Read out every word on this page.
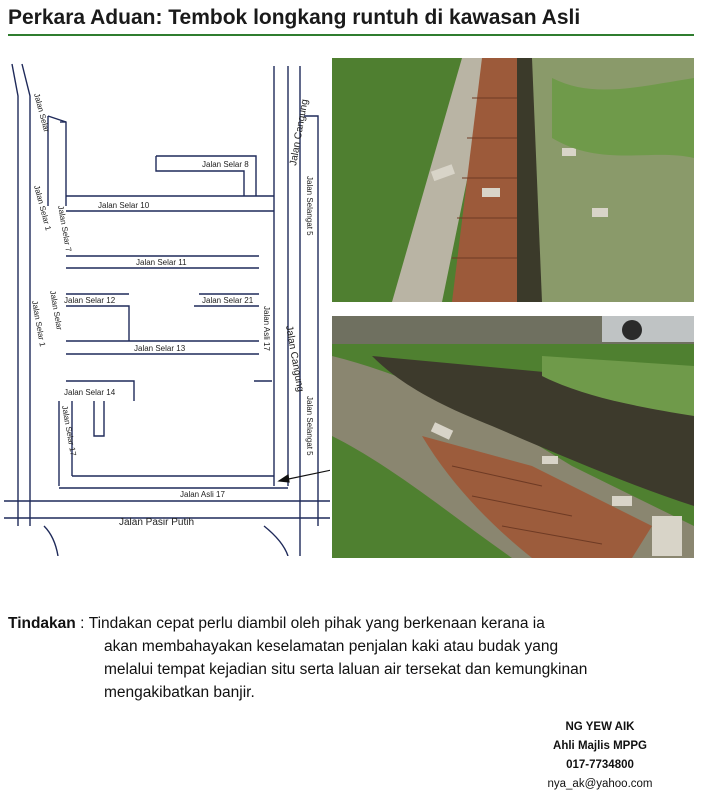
Perkara Aduan: Tembok longkang runtuh di kawasan Asli
Jalan Selar
Jalan Selar 1
Jalan Selar
Jalan Selar 1
Jalan Selar 7
Jalan Selar 17
Jalan Selar 8
Jalan Selar 10
Jalan Selar 11
Jalan Selar 12	Jalan Selar 21
Jalan Selar 13
Jalan Selar 14
Jalan Asli 17
Jalan Asli 17
Jalan Cangung
Jalan Cangung
Jalan Selangat 5
Jalan Selangat 5
Jalan Pasir Putih
Tindakan : Tindakan cepat perlu diambil oleh pihak yang berkenaan kerana ia

akan membahayakan keselamatan penjalan kaki atau budak yang

melalui tempat kejadian situ serta laluan air tersekat dan kemungkinan

mengakibatkan banjir.

NG YEW AIK
Ahli Majlis MPPG
017-7734800
nya_ak@yahoo.com
